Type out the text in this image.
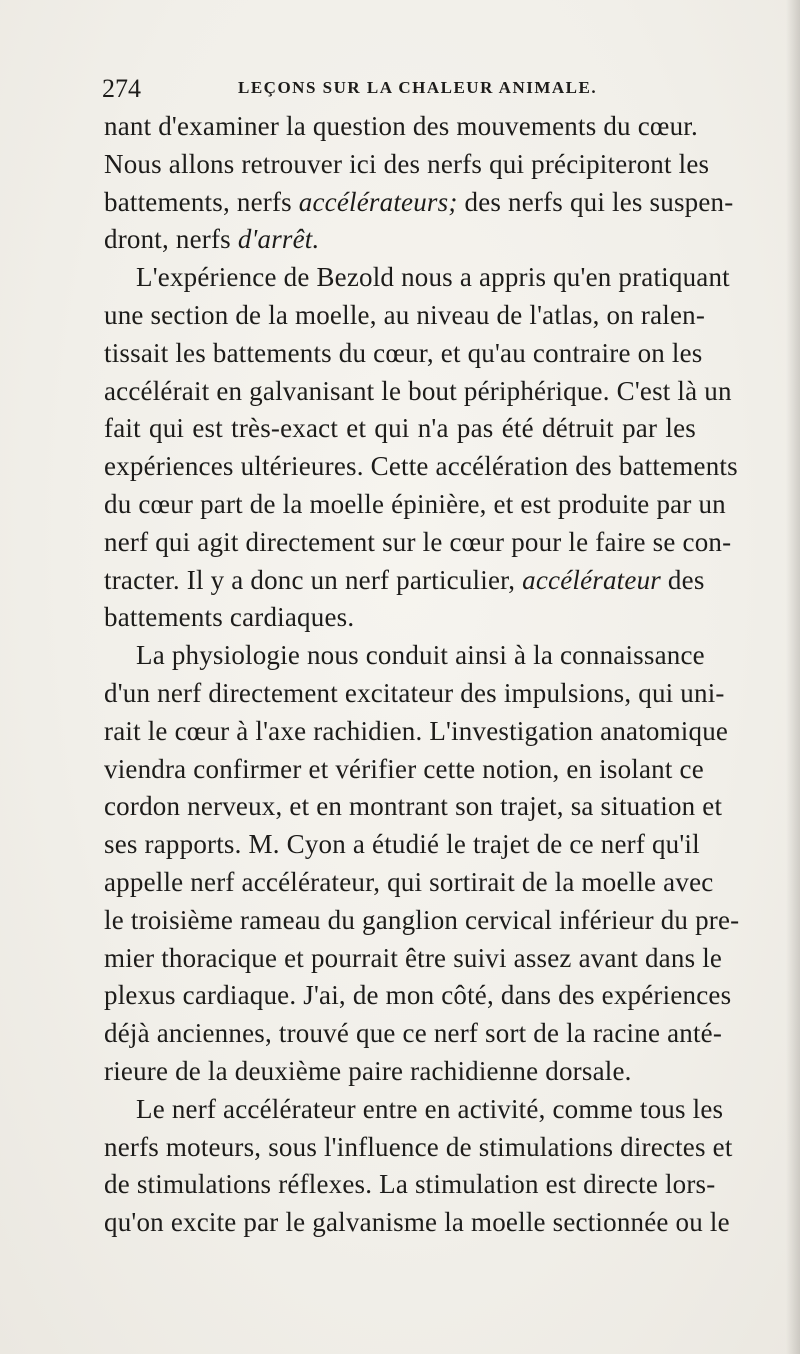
274	LEÇONS SUR LA CHALEUR ANIMALE.
nant d'examiner la question des mouvements du cœur.
Nous allons retrouver ici des nerfs qui précipiteront les
battements, nerfs accélérateurs; des nerfs qui les suspen-
dront, nerfs d'arrêt.
L'expérience de Bezold nous a appris qu'en pratiquant
une section de la moelle, au niveau de l'atlas, on ralen-
tissait les battements du cœur, et qu'au contraire on les
accélérait en galvanisant le bout périphérique. C'est là un
fait qui est très-exact et qui n'a pas été détruit par les
expériences ultérieures. Cette accélération des battements
du cœur part de la moelle épinière, et est produite par un
nerf qui agit directement sur le cœur pour le faire se con-
tracter. Il y a donc un nerf particulier, accélérateur des
battements cardiaques.
La physiologie nous conduit ainsi à la connaissance
d'un nerf directement excitateur des impulsions, qui uni-
rait le cœur à l'axe rachidien. L'investigation anatomique
viendra confirmer et vérifier cette notion, en isolant ce
cordon nerveux, et en montrant son trajet, sa situation et
ses rapports. M. Cyon a étudié le trajet de ce nerf qu'il
appelle nerf accélérateur, qui sortirait de la moelle avec
le troisième rameau du ganglion cervical inférieur du pre-
mier thoracique et pourrait être suivi assez avant dans le
plexus cardiaque. J'ai, de mon côté, dans des expériences
déjà anciennes, trouvé que ce nerf sort de la racine anté-
rieure de la deuxième paire rachidienne dorsale.
Le nerf accélérateur entre en activité, comme tous les
nerfs moteurs, sous l'influence de stimulations directes et
de stimulations réflexes. La stimulation est directe lors-
qu'on excite par le galvanisme la moelle sectionnée ou le
